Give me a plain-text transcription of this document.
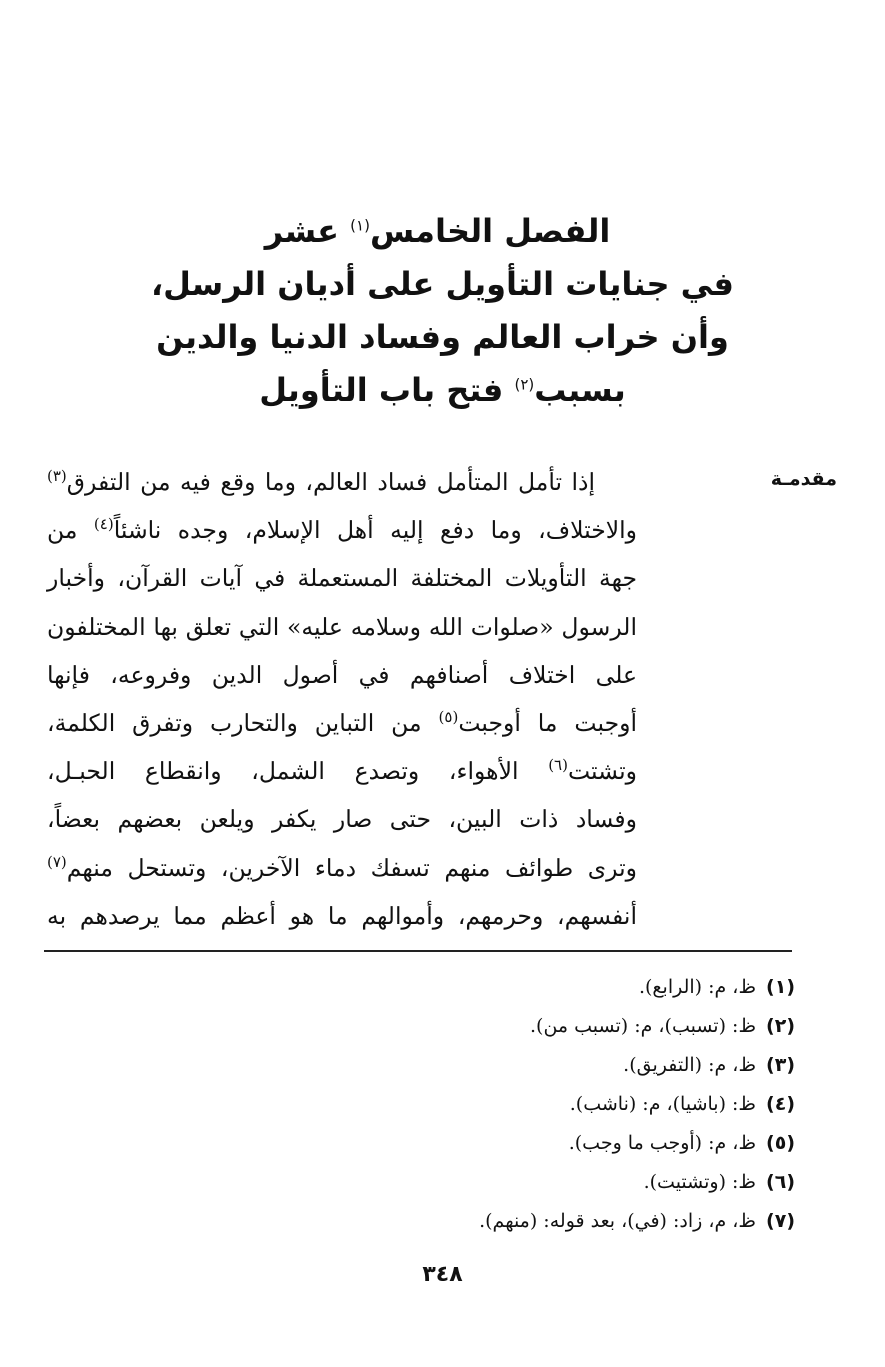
الفصل الخامس$^{(١)}$ عشر
في جنايات التأويل على أديان الرسل،
وأن خراب العالم وفساد الدنيا والدين
بسبب$^{(٢)}$ فتح باب التأويل
مقدمـة
إذا تأمل المتأمل فساد العالم، وما وقع فيه من التفرق$^{(٣)}$
والاختلاف، وما دفع إليه أهل الإسلام، وجده ناشئاً$^{(٤)}$ من
جهة التأويلات المختلفة المستعملة في آيات القرآن، وأخبار
الرسول «صلوات الله وسلامه عليه» التي تعلق بها المختلفون
على اختلاف أصنافهم في أصول الدين وفروعه، فإنها
أوجبت ما أوجبت$^{(٥)}$ من التباين والتحارب وتفرق الكلمة،
وتشتت$^{(٦)}$ الأهواء، وتصدع الشمل، وانقطاع الحبـل،
وفساد ذات البين، حتى صار يكفر ويلعن بعضهم بعضاً،
وترى طوائف منهم تسفك دماء الآخرين، وتستحل منهم$^{(٧)}$
أنفسهم، وحرمهم، وأموالهم ما هو أعظم مما يرصدهم به
(١)ظ، م: (الرابع).
(٢)ظ: (تسبب)، م: (تسبب من).
(٣)ظ، م: (التفريق).
(٤)ظ: (باشيا)، م: (ناشب).
(٥)ظ، م: (أوجب ما وجب).
(٦)ظ: (وتشتيت).
(٧)ظ، م، زاد: (في)، بعد قوله: (منهم).
٣٤٨
